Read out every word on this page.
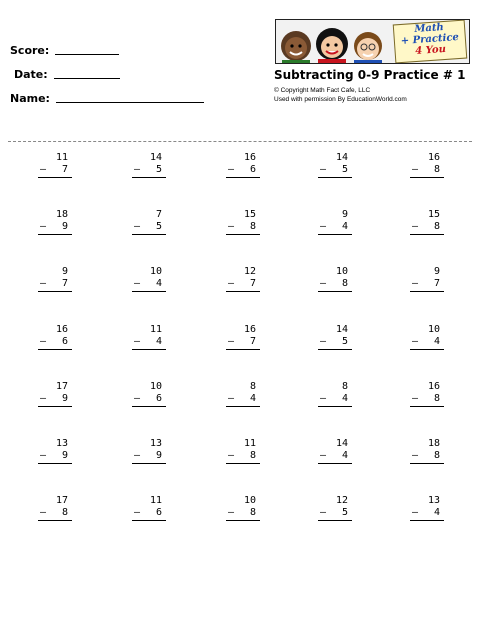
Score:
Date:
Name:
Math
+ Practice
4 You
Subtracting 0-9 Practice # 1
© Copyright Math Fact Cafe, LLC
Used with permission By EducationWorld.com
11
– 7
14
– 5
16
– 6
14
– 5
16
– 8
18
– 9
7
– 5
15
– 8
9
– 4
15
– 8
9
– 7
10
– 4
12
– 7
10
– 8
9
– 7
16
– 6
11
– 4
16
– 7
14
– 5
10
– 4
17
– 9
10
– 6
8
– 4
8
– 4
16
– 8
13
– 9
13
– 9
11
– 8
14
– 4
18
– 8
17
– 8
11
– 6
10
– 8
12
– 5
13
– 4
